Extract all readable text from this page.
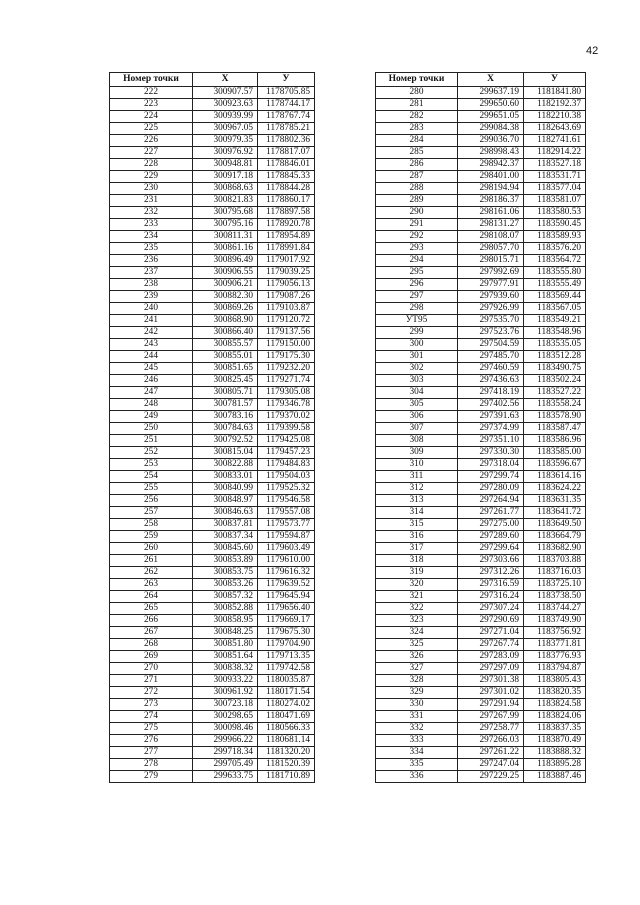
42
Номер точки	X	У
222	300907.57	1178705.85
223	300923.63	1178744.17
224	300939.99	1178767.74
225	300967.05	1178785.21
226	300979.35	1178802.36
227	300976.92	1178817.07
228	300948.81	1178846.01
229	300917.18	1178845.33
230	300868.63	1178844.28
231	300821.83	1178860.17
232	300795.68	1178897.58
233	300795.16	1178920.78
234	300811.31	1178954.89
235	300861.16	1178991.84
236	300896.49	1179017.92
237	300906.55	1179039.25
238	300906.21	1179056.13
239	300882.30	1179087.26
240	300869.26	1179103.87
241	300868.90	1179120.72
242	300866.40	1179137.56
243	300855.57	1179150.00
244	300855.01	1179175.30
245	300851.65	1179232.20
246	300825.45	1179271.74
247	300805.71	1179305.08
248	300781.57	1179346.78
249	300783.16	1179370.02
250	300784.63	1179399.58
251	300792.52	1179425.08
252	300815.04	1179457.23
253	300822.88	1179484.83
254	300833.01	1179504.03
255	300840.99	1179525.32
256	300848.97	1179546.58
257	300846.63	1179557.08
258	300837.81	1179573.77
259	300837.34	1179594.87
260	300845.60	1179603.49
261	300853.89	1179610.00
262	300853.75	1179616.32
263	300853.26	1179639.52
264	300857.32	1179645.94
265	300852.88	1179656.40
266	300858.95	1179669.17
267	300848.25	1179675.30
268	300851.80	1179704.90
269	300851.64	1179713.35
270	300838.32	1179742.58
271	300933.22	1180035.87
272	300961.92	1180171.54
273	300723.18	1180274.02
274	300298.65	1180471.69
275	300098.46	1180566.33
276	299966.22	1180681.14
277	299718.34	1181320.20
278	299705.49	1181520.39
279	299633.75	1181710.89
Номер точки	X	У
280	299637.19	1181841.80
281	299650.60	1182192.37
282	299651.05	1182210.38
283	299084.38	1182643.69
284	299036.70	1182741.61
285	298998.43	1182914.22
286	298942.37	1183527.18
287	298401.00	1183531.71
288	298194.94	1183577.04
289	298186.37	1183581.07
290	298161.06	1183580.53
291	298131.27	1183590.45
292	298108.07	1183589.93
293	298057.70	1183576.20
294	298015.71	1183564.72
295	297992.69	1183555.80
296	297977.91	1183555.49
297	297939.60	1183569.44
298	297926.99	1183567.05
УТ95	297535.70	1183549.21
299	297523.76	1183548.96
300	297504.59	1183535.05
301	297485.70	1183512.28
302	297460.59	1183490.75
303	297436.63	1183502.24
304	297418.19	1183527.22
305	297402.56	1183558.24
306	297391.63	1183578.90
307	297374.99	1183587.47
308	297351.10	1183586.96
309	297330.30	1183585.00
310	297318.04	1183596.67
311	297299.74	1183614.16
312	297280.09	1183624.22
313	297264.94	1183631.35
314	297261.77	1183641.72
315	297275.00	1183649.50
316	297289.60	1183664.79
317	297299.64	1183682.90
318	297303.66	1183703.88
319	297312.26	1183716.03
320	297316.59	1183725.10
321	297316.24	1183738.50
322	297307.24	1183744.27
323	297290.69	1183749.90
324	297271.04	1183756.92
325	297267.74	1183771.81
326	297283.09	1183776.93
327	297297.09	1183794.87
328	297301.38	1183805.43
329	297301.02	1183820.35
330	297291.94	1183824.58
331	297267.99	1183824.06
332	297258.77	1183837.35
333	297266.03	1183870.49
334	297261.22	1183888.32
335	297247.04	1183895.28
336	297229.25	1183887.46
